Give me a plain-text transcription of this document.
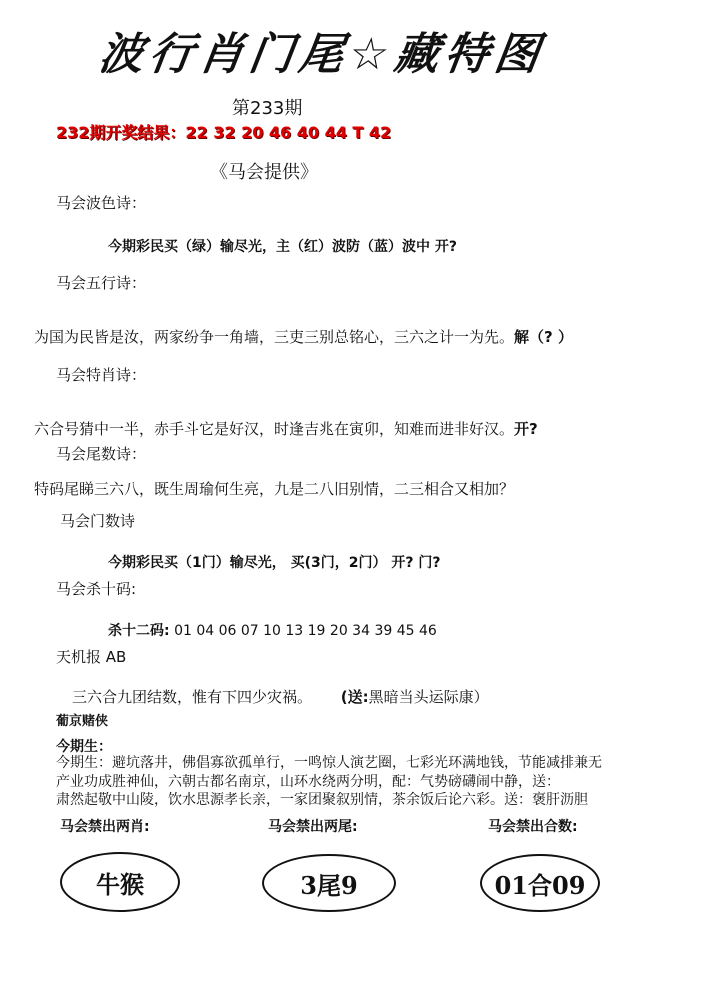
波行肖门尾☆藏特图
第233期
232期开奖结果：22 32 20 46 40 44 T 42
《马会提供》
马会波色诗：
今期彩民买（绿）输尽光，主（红）波防（蓝）波中 开?
马会五行诗：
为国为民皆是汝，两家纷争一角墙，三吏三别总铭心，三六之计一为先。解（? ）
马会特肖诗：
六合号猜中一半，赤手斗它是好汉，时逢吉兆在寅卯，知难而进非好汉。开?
马会尾数诗：
特码尾睇三六八，既生周瑜何生亮，九是二八旧别情，二三相合又相加？
马会门数诗
今期彩民买（1门）输尽光， 买(3门，2门） 开? 门?
马会杀十码:
杀十二码: 01 04 06 07 10 13 19 20 34 39 45 46
天机报 AB
三六合九团结数，惟有下四少灾祸。 (送:黑暗当头运际康）
葡京赌侠
今期生：
今期生：避坑落井，佛倡寡欲孤单行，一鸣惊人演艺圈，七彩光环满地钱，节能减排兼无
产业功成胜神仙，六朝古都名南京，山环水绕两分明，配：气势磅礴闹中静，送：
肃然起敬中山陵，饮水思源孝长亲，一家团聚叙别情，茶余饭后论六彩。送：褒肝沥胆
马会禁出两肖:	马会禁出两尾:	马会禁出合数:
牛猴	3尾9	01合09
